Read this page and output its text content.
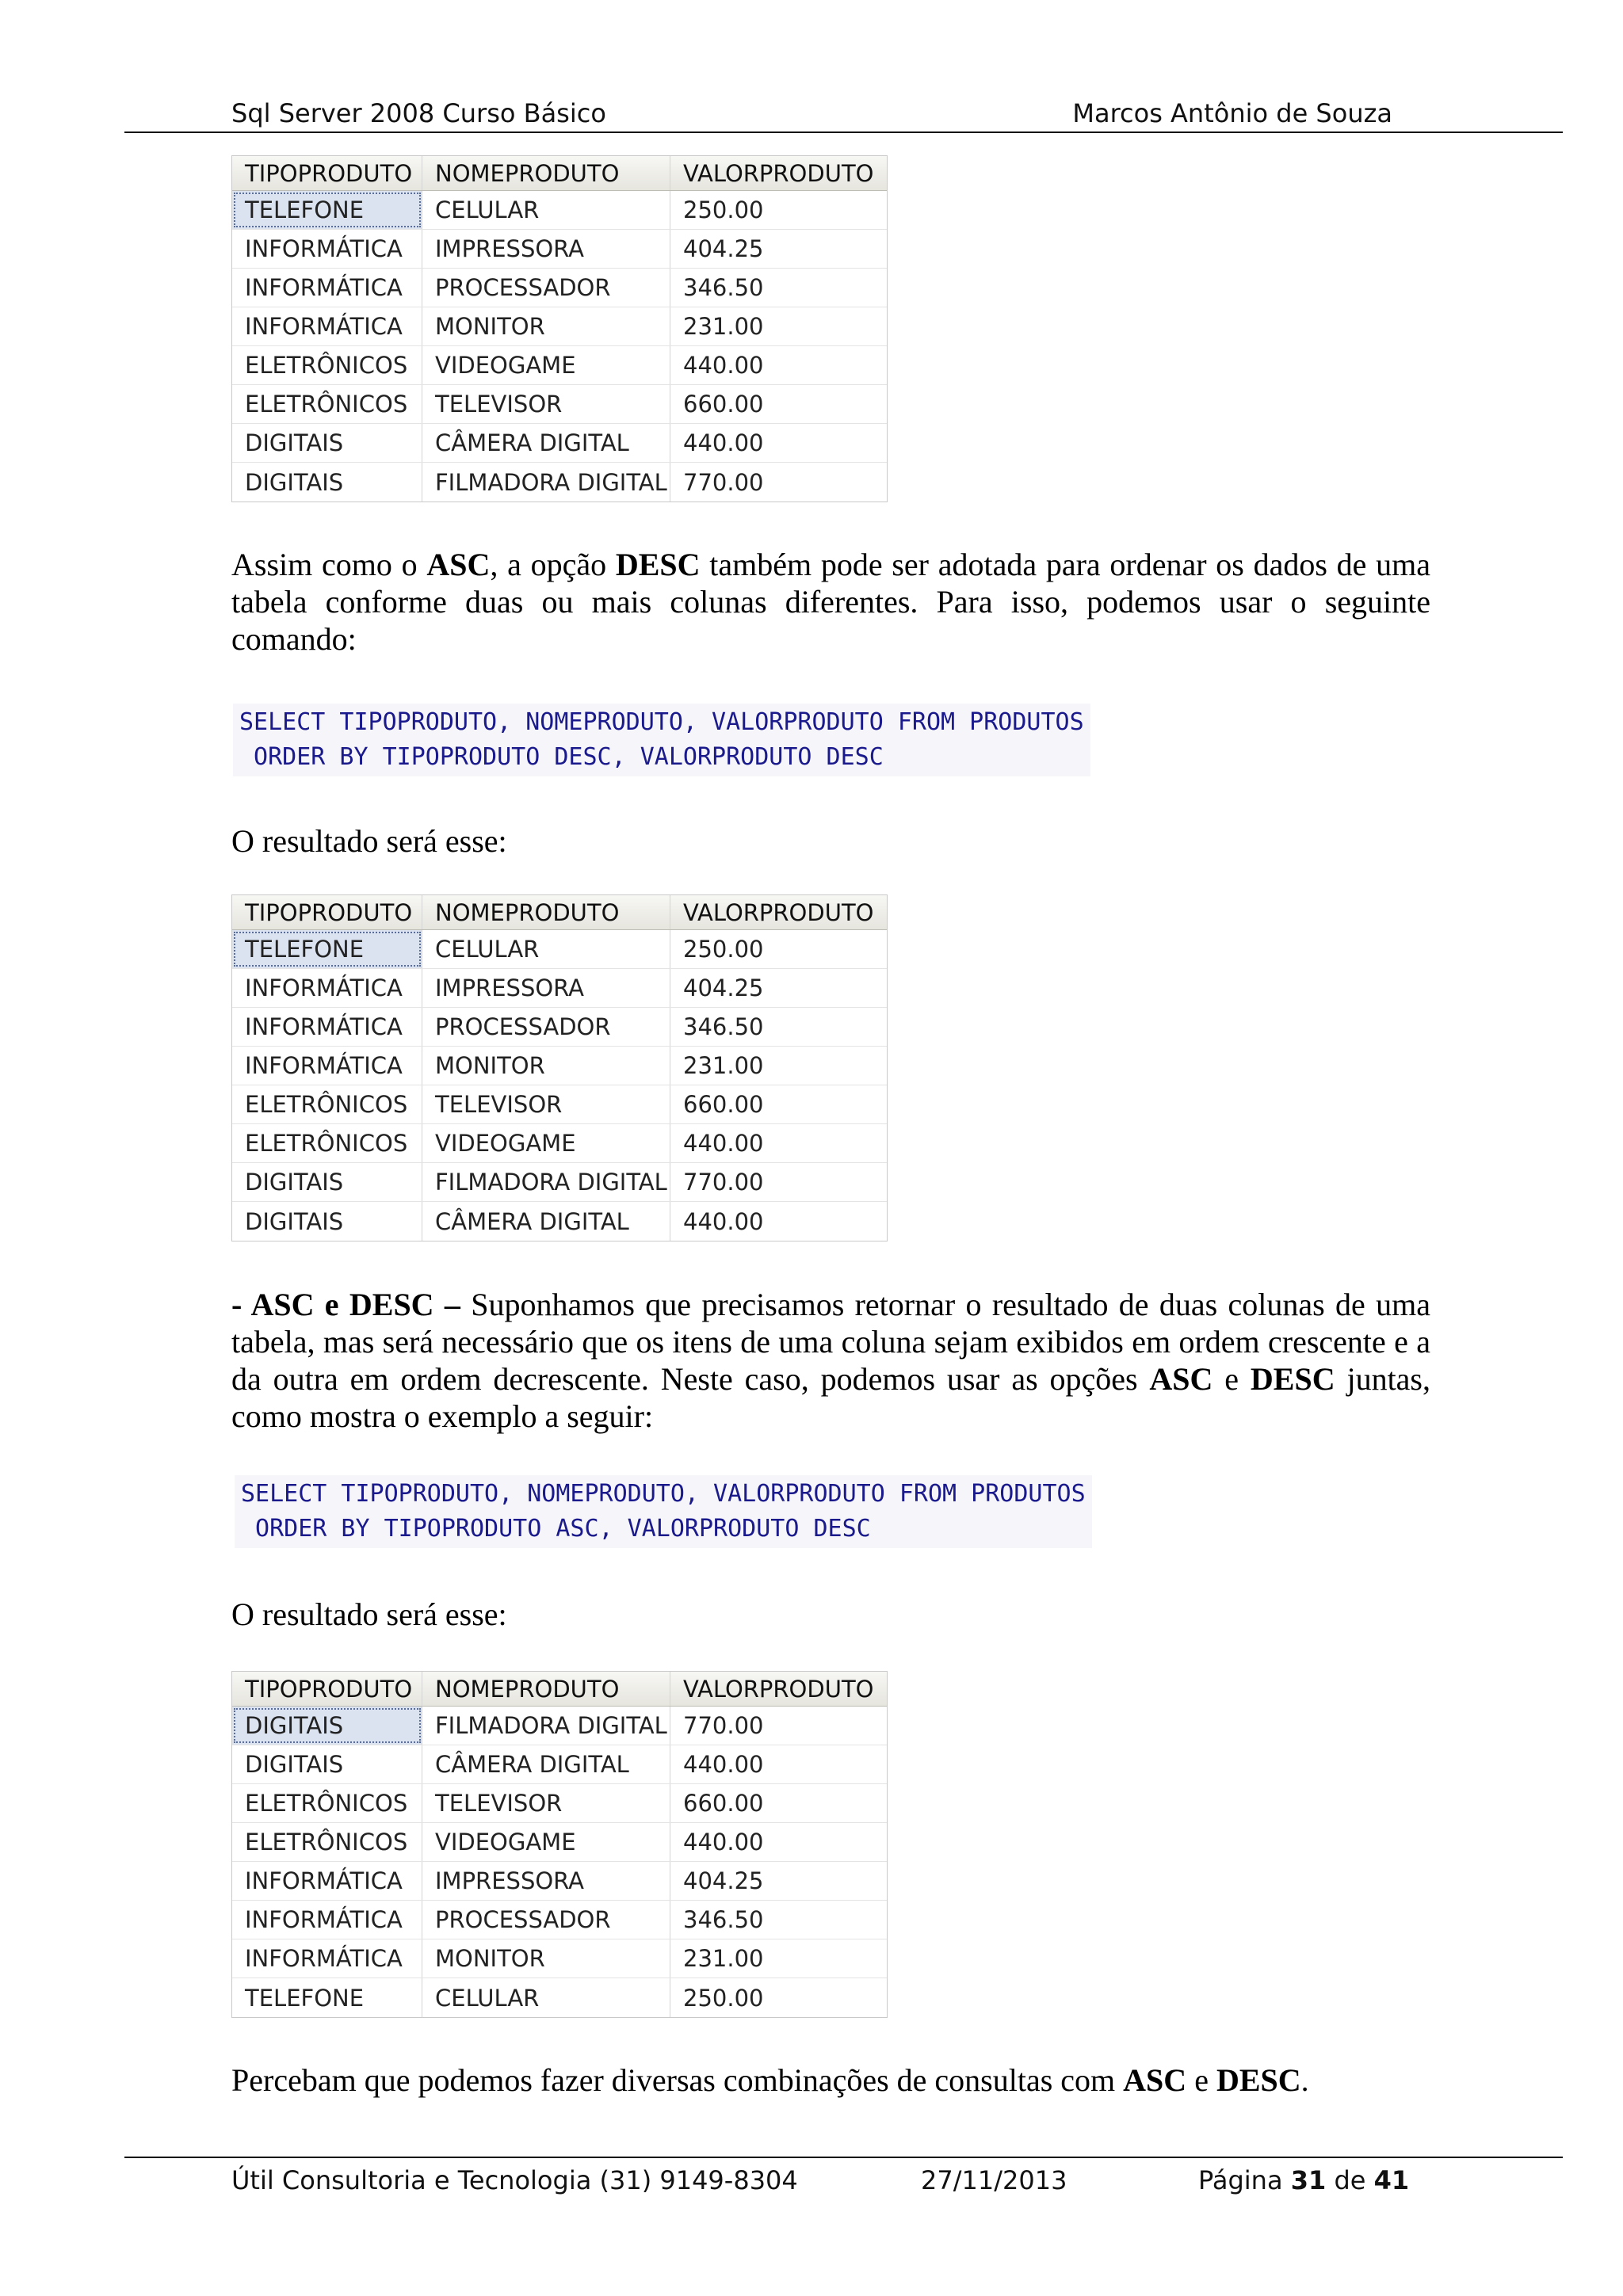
Sql Server 2008 Curso Básico	Marcos Antônio de Souza
TIPOPRODUTO NOMEPRODUTO	VALORPRODUTO
TELEFONE	CELULAR	250.00
INFORMÁTICA	IMPRESSORA	404.25
INFORMÁTICA	PROCESSADOR	346.50
INFORMÁTICA	MONITOR	231.00
ELETRÔNICOS	VIDEOGAME	440.00
ELETRÔNICOS	TELEVISOR	660.00
DIGITAIS	CÂMERA DIGITAL	440.00
DIGITAIS	FILMADORA DIGITAL 770.00
Assim como o ASC, a opção DESC também pode ser adotada para ordenar os dados de uma tabela conforme duas ou mais colunas diferentes. Para isso, podemos usar o seguinte comando:
SELECT TIPOPRODUTO, NOMEPRODUTO, VALORPRODUTO FROM PRODUTOS
ORDER BY TIPOPRODUTO DESC, VALORPRODUTO DESC
O resultado será esse:
TIPOPRODUTO NOMEPRODUTO	VALORPRODUTO
TELEFONE	CELULAR	250.00
INFORMÁTICA	IMPRESSORA	404.25
INFORMÁTICA	PROCESSADOR	346.50
INFORMÁTICA	MONITOR	231.00
ELETRÔNICOS	TELEVISOR	660.00
ELETRÔNICOS	VIDEOGAME	440.00
DIGITAIS	FILMADORA DIGITAL 770.00
DIGITAIS	CÂMERA DIGITAL	440.00
- ASC e DESC – Suponhamos que precisamos retornar o resultado de duas colunas de uma tabela, mas será necessário que os itens de uma coluna sejam exibidos em ordem crescente e a da outra em ordem decrescente. Neste caso, podemos usar as opções ASC e DESC juntas, como mostra o exemplo a seguir:
SELECT TIPOPRODUTO, NOMEPRODUTO, VALORPRODUTO FROM PRODUTOS
ORDER BY TIPOPRODUTO ASC, VALORPRODUTO DESC
O resultado será esse:
TIPOPRODUTO NOMEPRODUTO	VALORPRODUTO
DIGITAIS	FILMADORA DIGITAL 770.00
DIGITAIS	CÂMERA DIGITAL	440.00
ELETRÔNICOS	TELEVISOR	660.00
ELETRÔNICOS	VIDEOGAME	440.00
INFORMÁTICA	IMPRESSORA	404.25
INFORMÁTICA	PROCESSADOR	346.50
INFORMÁTICA	MONITOR	231.00
TELEFONE	CELULAR	250.00
Percebam que podemos fazer diversas combinações de consultas com ASC e DESC.
Útil Consultoria e Tecnologia (31) 9149-8304	27/11/2013	Página 31 de 41
